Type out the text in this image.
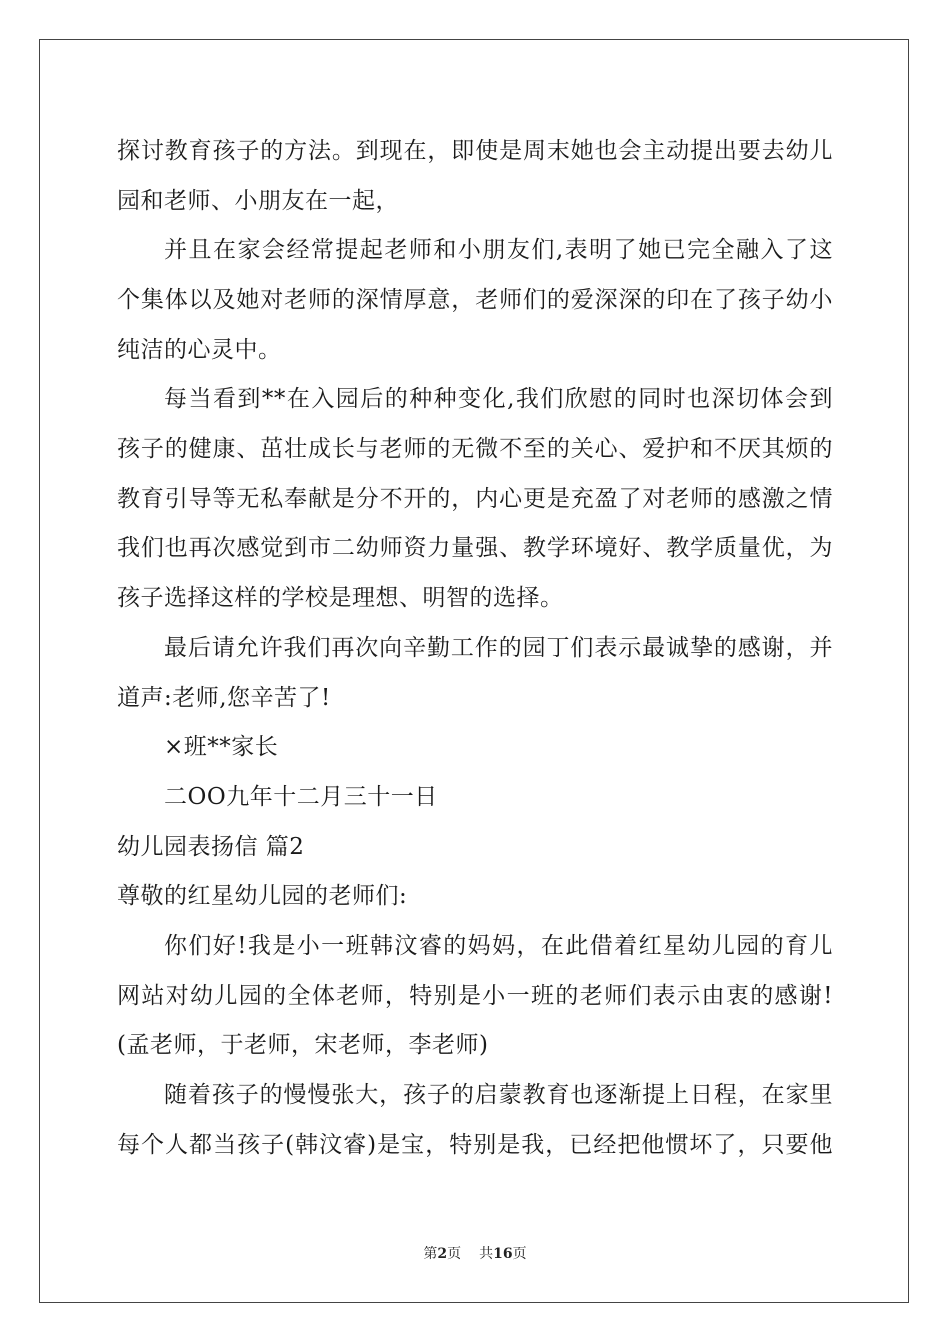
探讨教育孩子的方法。到现在，即使是周末她也会主动提出要去幼儿
园和老师、小朋友在一起，
并且在家会经常提起老师和小朋友们,表明了她已完全融入了这
个集体以及她对老师的深情厚意，老师们的爱深深的印在了孩子幼小
纯洁的心灵中。
每当看到**在入园后的种种变化,我们欣慰的同时也深切体会到
孩子的健康、茁壮成长与老师的无微不至的关心、爱护和不厌其烦的
教育引导等无私奉献是分不开的，内心更是充盈了对老师的感激之情
我们也再次感觉到市二幼师资力量强、教学环境好、教学质量优，为
孩子选择这样的学校是理想、明智的选择。
最后请允许我们再次向辛勤工作的园丁们表示最诚挚的感谢，并
道声:老师,您辛苦了!
×班**家长
二OO九年十二月三十一日
幼儿园表扬信 篇2
尊敬的红星幼儿园的老师们:
你们好!我是小一班韩汶睿的妈妈，在此借着红星幼儿园的育儿
网站对幼儿园的全体老师，特别是小一班的老师们表示由衷的感谢!
(孟老师，于老师，宋老师，李老师)
随着孩子的慢慢张大，孩子的启蒙教育也逐渐提上日程，在家里
每个人都当孩子(韩汶睿)是宝，特别是我，已经把他惯坏了，只要他
第2页 共16页
